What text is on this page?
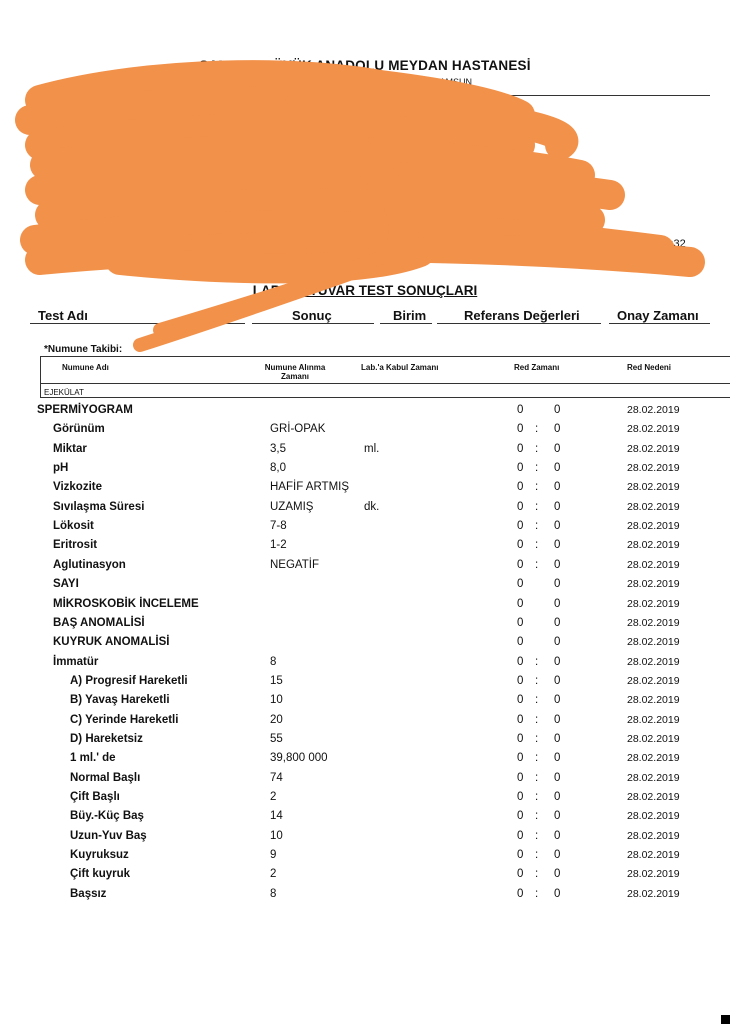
SAMSUN BÜYÜK ANADOLU MEYDAN HASTANESİ
Cad.No:160 SAMSUN
İstek	0:10:32
LABORATUVAR TEST SONUÇLARI
Test Adı	Sonuç	Birim	Referans Değerleri	Onay Zamanı
*Numune Takibi:
Numune Adı	Numune Alınma
Zamanı
Lab.'a Kabul Zamanı	Red Zamanı	Red Nedeni
EJEKÜLAT
SPERMİYOGRAM	0	0	28.02.2019
Görünüm	GRİ-OPAK	0 : 0	28.02.2019
Miktar	3,5	ml.	0 : 0	28.02.2019
pH	8,0	0 : 0	28.02.2019
Vizkozite	HAFİF ARTMIŞ	0 : 0	28.02.2019
Sıvılaşma Süresi	UZAMIŞ	dk.	0 : 0	28.02.2019
Lökosit	7-8	0 : 0	28.02.2019
Eritrosit	1-2	0 : 0	28.02.2019
Aglutinasyon	NEGATİF	0 : 0	28.02.2019
SAYI	0	0	28.02.2019
MİKROSKOBİK İNCELEME	0	0	28.02.2019
BAŞ ANOMALİSİ	0	0	28.02.2019
KUYRUK ANOMALİSİ	0	0	28.02.2019
İmmatür	8	0 : 0	28.02.2019
A) Progresif Hareketli	15	0 : 0	28.02.2019
B) Yavaş Hareketli	10	0 : 0	28.02.2019
C) Yerinde Hareketli	20	0 : 0	28.02.2019
D) Hareketsiz	55	0 : 0	28.02.2019
1 ml.' de	39,800 000	0 : 0	28.02.2019
Normal Başlı	74	0 : 0	28.02.2019
Çift Başlı	2	0 : 0	28.02.2019
Büy.-Küç Baş	14	0 : 0	28.02.2019
Uzun-Yuv Baş	10	0 : 0	28.02.2019
Kuyruksuz	9	0 : 0	28.02.2019
Çift kuyruk	2	0 : 0	28.02.2019
Başsız	8	0 : 0	28.02.2019
